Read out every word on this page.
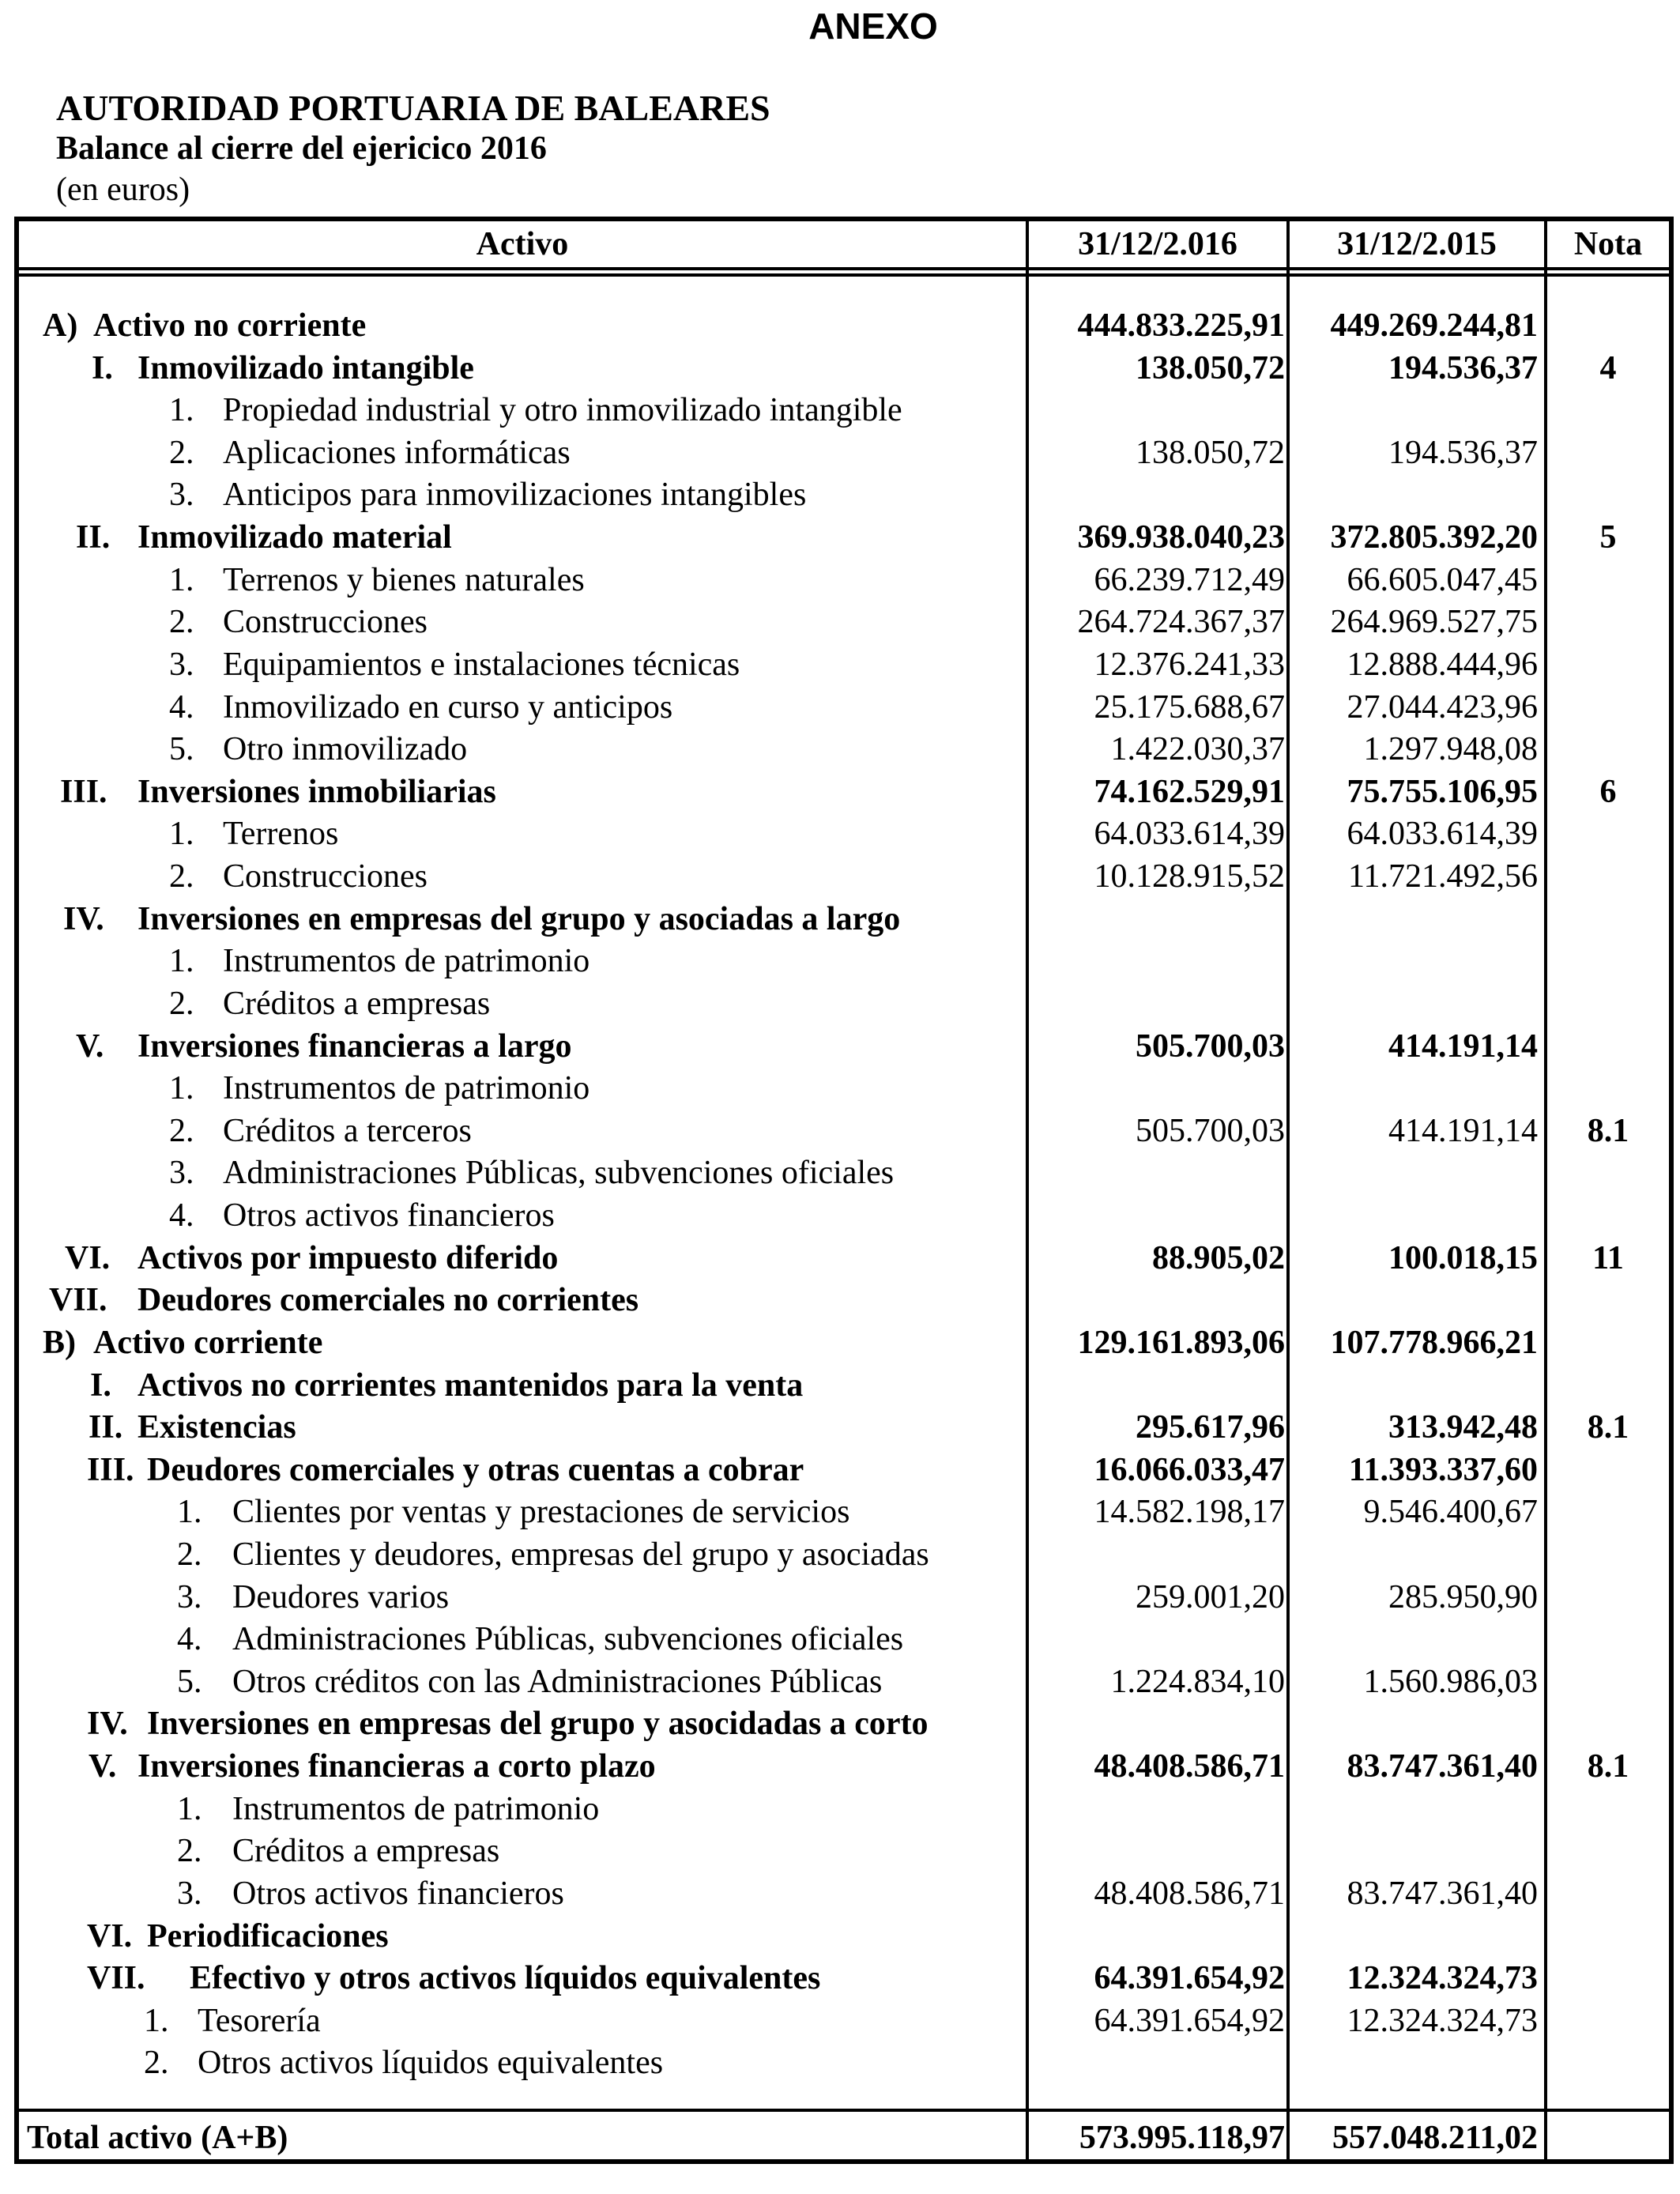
ANEXO
AUTORIDAD PORTUARIA DE BALEARES
Balance al cierre del ejericico 2016
(en euros)
Activo	31/12/2.016	31/12/2.015	Nota
A) Activo no corriente	444.833.225,91	449.269.244,81
I. Inmovilizado intangible	138.050,72	194.536,37	4
1. Propiedad industrial y otro inmovilizado intangible
2. Aplicaciones informáticas	138.050,72	194.536,37
3. Anticipos para inmovilizaciones intangibles
II. Inmovilizado material	369.938.040,23	372.805.392,20	5
1. Terrenos y bienes naturales	66.239.712,49	66.605.047,45
2. Construcciones	264.724.367,37	264.969.527,75
3. Equipamientos e instalaciones técnicas	12.376.241,33	12.888.444,96
4. Inmovilizado en curso y anticipos	25.175.688,67	27.044.423,96
5. Otro inmovilizado	1.422.030,37	1.297.948,08
III. Inversiones inmobiliarias	74.162.529,91	75.755.106,95	6
1. Terrenos	64.033.614,39	64.033.614,39
2. Construcciones	10.128.915,52	11.721.492,56
IV. Inversiones en empresas del grupo y asociadas a largo
1. Instrumentos de patrimonio
2. Créditos a empresas
V. Inversiones financieras a largo	505.700,03	414.191,14
1. Instrumentos de patrimonio
2. Créditos a terceros	505.700,03	414.191,14	8.1
3. Administraciones Públicas, subvenciones oficiales
4. Otros activos financieros
VI. Activos por impuesto diferido	88.905,02	100.018,15	11
VII. Deudores comerciales no corrientes
B) Activo corriente	129.161.893,06	107.778.966,21
I. Activos no corrientes mantenidos para la venta
II. Existencias	295.617,96	313.942,48	8.1
III. Deudores comerciales y otras cuentas a cobrar	16.066.033,47	11.393.337,60
1. Clientes por ventas y prestaciones de servicios	14.582.198,17	9.546.400,67
2. Clientes y deudores, empresas del grupo y asociadas
3. Deudores varios	259.001,20	285.950,90
4. Administraciones Públicas, subvenciones oficiales
5. Otros créditos con las Administraciones Públicas	1.224.834,10	1.560.986,03
IV. Inversiones en empresas del grupo y asocidadas a corto
V. Inversiones financieras a corto plazo	48.408.586,71	83.747.361,40	8.1
1. Instrumentos de patrimonio
2. Créditos a empresas
3. Otros activos financieros	48.408.586,71	83.747.361,40
VI. Periodificaciones
VII. Efectivo y otros activos líquidos equivalentes	64.391.654,92	12.324.324,73
1. Tesorería	64.391.654,92	12.324.324,73
2. Otros activos líquidos equivalentes
Total activo (A+B)	573.995.118,97	557.048.211,02
